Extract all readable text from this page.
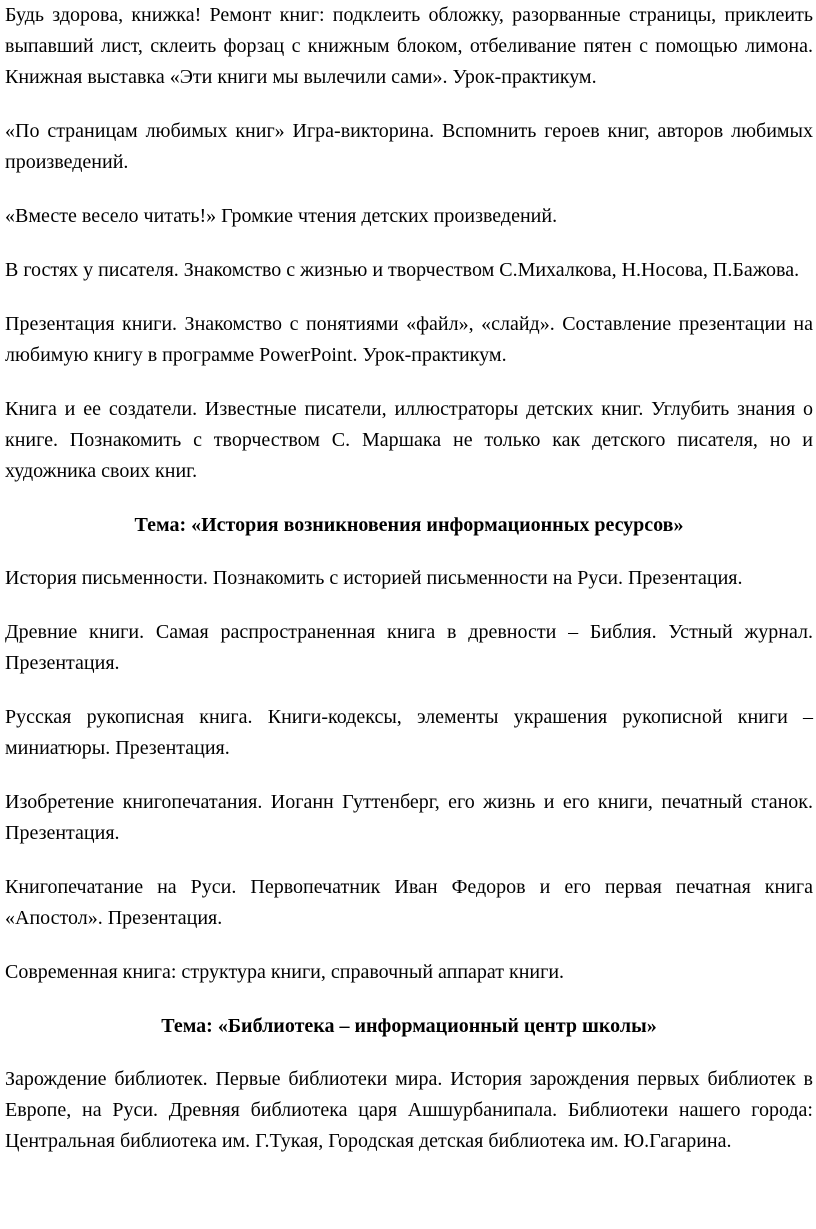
Будь здорова, книжка! Ремонт книг: подклеить обложку, разорванные страницы, приклеить выпавший лист, склеить форзац с книжным блоком, отбеливание пятен с помощью лимона. Книжная выставка «Эти книги мы вылечили сами». Урок-практикум.

«По страницам любимых книг» Игра-викторина. Вспомнить героев книг, авторов любимых произведений.

«Вместе весело читать!» Громкие чтения детских произведений.

В гостях у писателя. Знакомство с жизнью и творчеством С.Михалкова, Н.Носова, П.Бажова.

Презентация книги. Знакомство с понятиями «файл», «слайд». Составление презентации на любимую книгу в программе PowerPoint. Урок-практикум.

Книга и ее создатели. Известные писатели, иллюстраторы детских книг. Углубить знания о книге. Познакомить с творчеством С. Маршака не только как детского писателя, но и художника своих книг.

Тема: «История возникновения информационных ресурсов»

История письменности. Познакомить с историей письменности на Руси. Презентация.

Древние книги. Самая распространенная книга в древности – Библия. Устный журнал. Презентация.

Русская рукописная книга. Книги-кодексы, элементы украшения рукописной книги – миниатюры. Презентация.

Изобретение книгопечатания. Иоганн Гуттенберг, его жизнь и его книги, печатный станок. Презентация.

Книгопечатание на Руси. Первопечатник Иван Федоров и его первая печатная книга «Апостол». Презентация.

Современная книга: структура книги, справочный аппарат книги.

Тема: «Библиотека – информационный центр школы»

Зарождение библиотек. Первые библиотеки мира. История зарождения первых библиотек в Европе, на Руси. Древняя библиотека царя Ашшурбанипала. Библиотеки нашего города: Центральная библиотека им. Г.Тукая, Городская детская библиотека им. Ю.Гагарина.
